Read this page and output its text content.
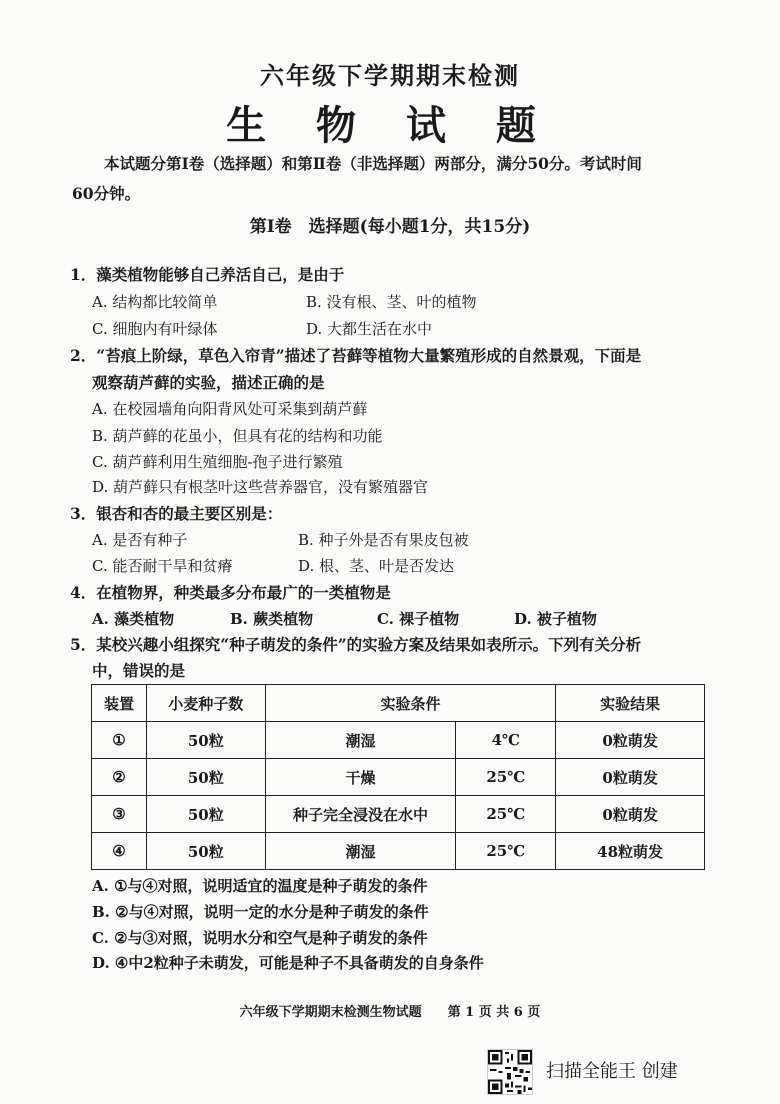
六年级下学期期末检测
生 物 试 题
本试题分第Ⅰ卷（选择题）和第Ⅱ卷（非选择题）两部分，满分50分。考试时间
60分钟。
第Ⅰ卷　选择题(每小题1分，共15分)
1．藻类植物能够自己养活自己，是由于
A. 结构都比较简单	B. 没有根、茎、叶的植物
C. 细胞内有叶绿体	D. 大都生活在水中
2．“苔痕上阶绿，草色入帘青”描述了苔藓等植物大量繁殖形成的自然景观，下面是
观察葫芦藓的实验，描述正确的是
A. 在校园墙角向阳背风处可采集到葫芦藓
B. 葫芦藓的花虽小，但具有花的结构和功能
C. 葫芦藓利用生殖细胞-孢子进行繁殖
D. 葫芦藓只有根茎叶这些营养器官，没有繁殖器官
3．银杏和杏的最主要区别是：
A. 是否有种子	B. 种子外是否有果皮包被
C. 能否耐干旱和贫瘠	D. 根、茎、叶是否发达
4．在植物界，种类最多分布最广的一类植物是
A. 藻类植物	B. 蕨类植物	C. 裸子植物	D. 被子植物
5．某校兴趣小组探究“种子萌发的条件”的实验方案及结果如表所示。下列有关分析
中，错误的是
装置	小麦种子数	实验条件		实验结果
①	50粒	潮湿	4℃	0粒萌发
②	50粒	干燥	25℃	0粒萌发
③	50粒	种子完全浸没在水中	25℃	0粒萌发
④	50粒	潮湿	25℃	48粒萌发
A. ①与④对照，说明适宜的温度是种子萌发的条件
B. ②与④对照，说明一定的水分是种子萌发的条件
C. ②与③对照，说明水分和空气是种子萌发的条件
D. ④中2粒种子未萌发，可能是种子不具备萌发的自身条件
六年级下学期期末检测生物试题　　第 1 页 共 6 页
扫描全能王 创建
